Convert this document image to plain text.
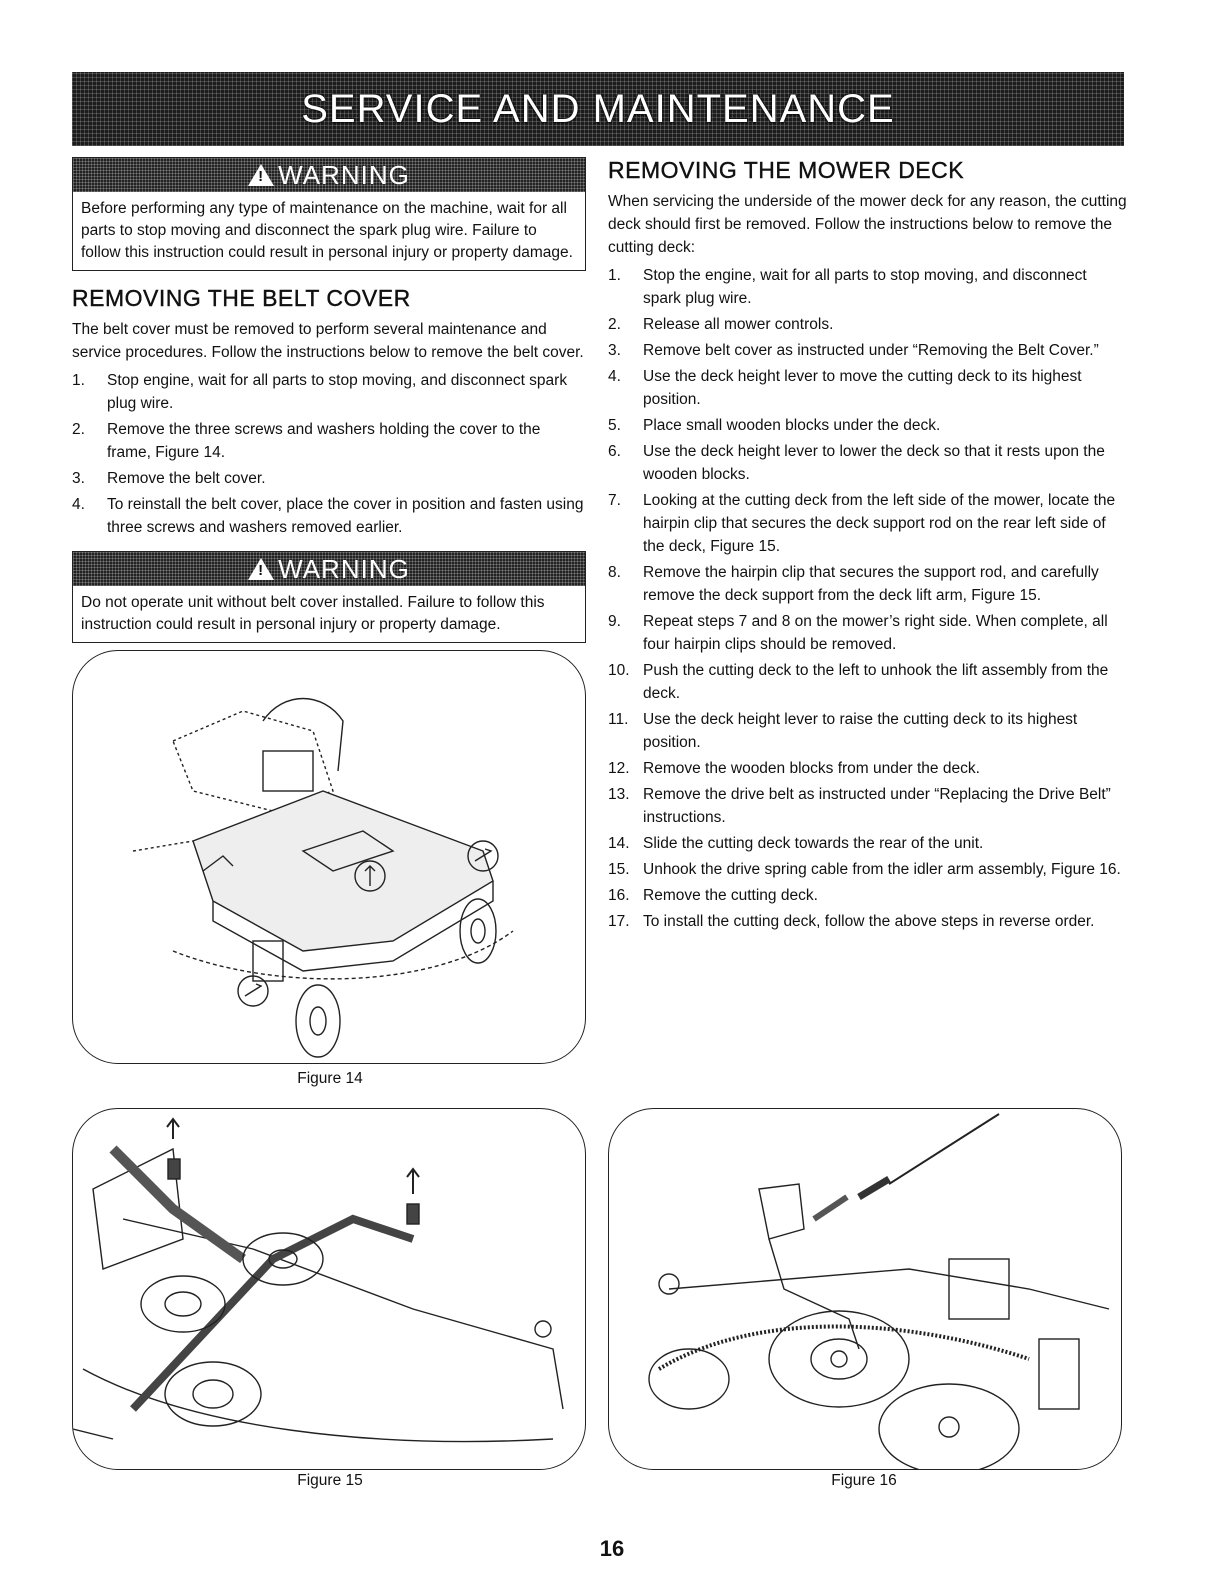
SERVICE AND MAINTENANCE
! WARNING
Before performing any type of maintenance on the machine, wait for all parts to stop moving and disconnect the spark plug wire. Failure to follow this instruction could result in personal injury or property damage.
REMOVING THE BELT COVER

The belt cover must be removed to perform several maintenance and service procedures. Follow the instructions below to remove the belt cover.

1.	Stop engine, wait for all parts to stop moving, and disconnect spark plug wire.
2.	Remove the three screws and washers holding the cover to the frame, Figure 14.
3.	Remove the belt cover.
4.	To reinstall the belt cover, place the cover in position and fasten using three screws and washers removed earlier.
! WARNING
Do not operate unit without belt cover installed. Failure to follow this instruction could result in personal injury or property damage.
REMOVING THE MOWER DECK

When servicing the underside of the mower deck for any reason, the cutting deck should first be removed. Follow the instructions below to remove the cutting deck:

1.	Stop the engine, wait for all parts to stop moving, and disconnect spark plug wire.
2.	Release all mower controls.
3.	Remove belt cover as instructed under “Removing the Belt Cover.”
4.	Use the deck height lever to move the cutting deck to its highest position.
5.	Place small wooden blocks under the deck.
6.	Use the deck height lever to lower the deck so that it rests upon the wooden blocks.
7.	Looking at the cutting deck from the left side of the mower, locate the hairpin clip that secures the deck support rod on the rear left side of the deck, Figure 15.
8.	Remove the hairpin clip that secures the support rod, and carefully remove the deck support from the deck lift arm, Figure 15.
9.	Repeat steps 7 and 8 on the mower’s right side. When complete, all four hairpin clips should be removed.
10. Push the cutting deck to the left to unhook the lift assembly from the deck.
11. Use the deck height lever to raise the cutting deck to its highest position.
12. Remove the wooden blocks from under the deck.
13. Remove the drive belt as instructed under “Replacing the Drive Belt” instructions.
14. Slide the cutting deck towards the rear of the unit.
15. Unhook the drive spring cable from the idler arm assembly, Figure 16.
16. Remove the cutting deck.
17. To install the cutting deck, follow the above steps in reverse order.
Figure 14
Figure 15	Figure 16
16
